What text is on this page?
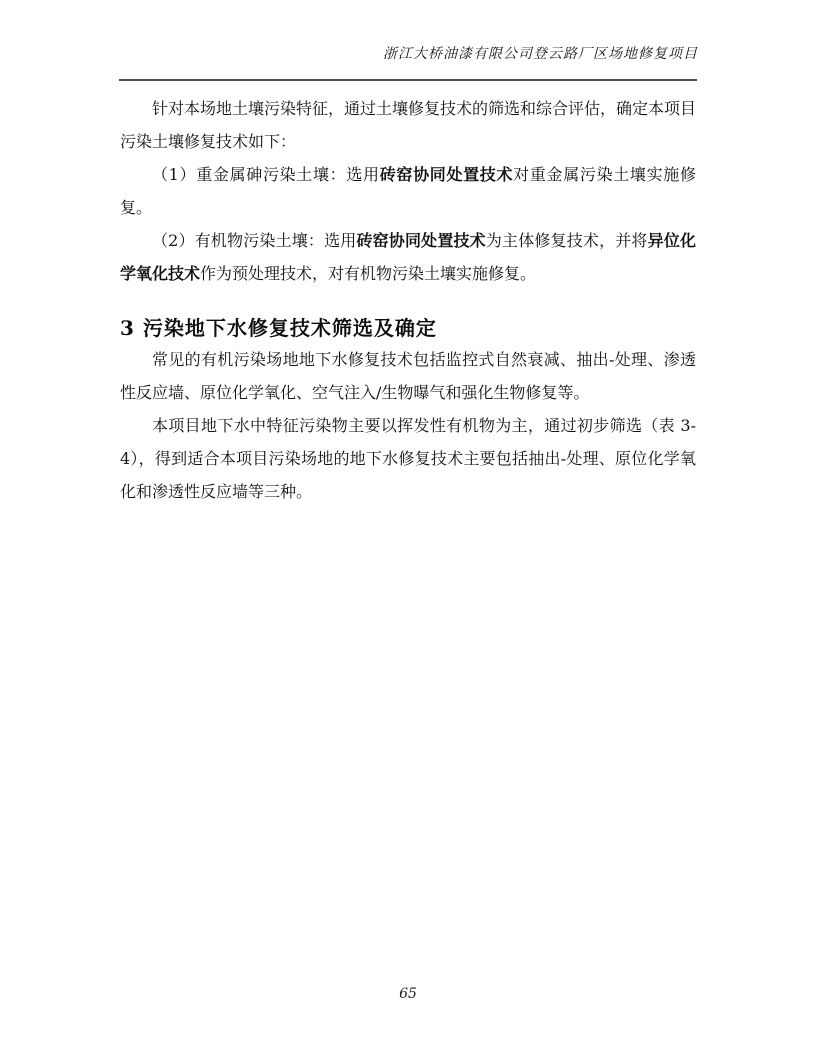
浙江大桥油漆有限公司登云路厂区场地修复项目

针对本场地土壤污染特征，通过土壤修复技术的筛选和综合评估，确定本项目污染土壤修复技术如下：

（1）重金属砷污染土壤：选用砖窑协同处置技术对重金属污染土壤实施修复。

（2）有机物污染土壤：选用砖窑协同处置技术为主体修复技术，并将异位化学氧化技术作为预处理技术，对有机物污染土壤实施修复。

3 污染地下水修复技术筛选及确定

常见的有机污染场地地下水修复技术包括监控式自然衰减、抽出-处理、渗透性反应墙、原位化学氧化、空气注入/生物曝气和强化生物修复等。

本项目地下水中特征污染物主要以挥发性有机物为主，通过初步筛选（表 3-4），得到适合本项目污染场地的地下水修复技术主要包括抽出-处理、原位化学氧化和渗透性反应墙等三种。

65
